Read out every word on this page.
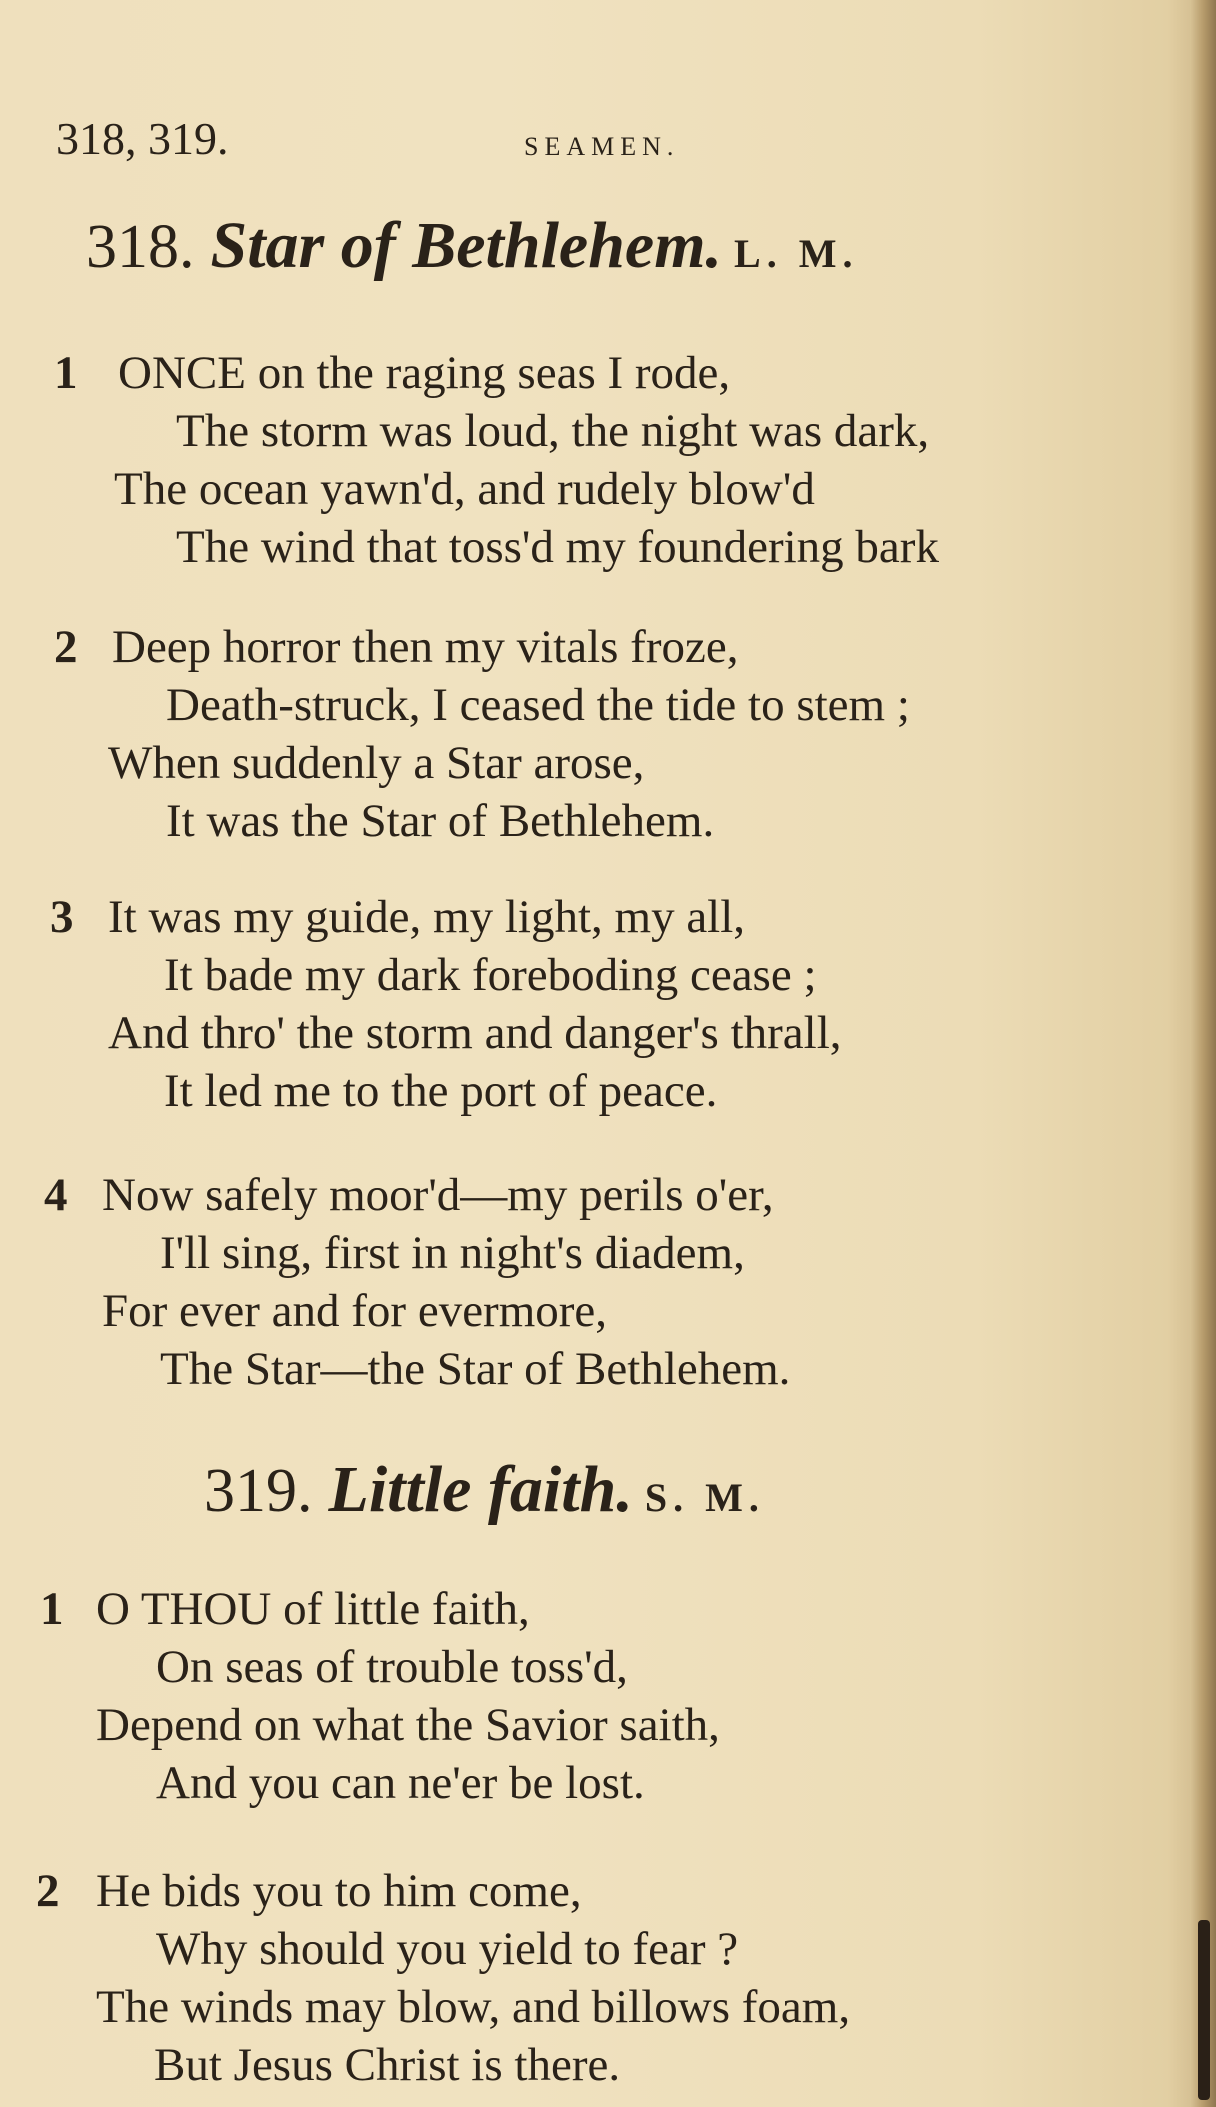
318, 319.	SEAMEN.
318. Star of Bethlehem. L. M.
1 ONCE on the raging seas I rode,
The storm was loud, the night was dark,
The ocean yawn'd, and rudely blow'd
The wind that toss'd my foundering bark
2 Deep horror then my vitals froze,
Death-struck, I ceased the tide to stem ;
When suddenly a Star arose,
It was the Star of Bethlehem.
3 It was my guide, my light, my all,
It bade my dark foreboding cease ;
And thro' the storm and danger's thrall,
It led me to the port of peace.
4 Now safely moor'd—my perils o'er,
I'll sing, first in night's diadem,
For ever and for evermore,
The Star—the Star of Bethlehem.
319. Little faith. S. M.
1 O THOU of little faith,
On seas of trouble toss'd,
Depend on what the Savior saith,
And you can ne'er be lost.
2 He bids you to him come,
Why should you yield to fear ?
The winds may blow, and billows foam,
But Jesus Christ is there.
